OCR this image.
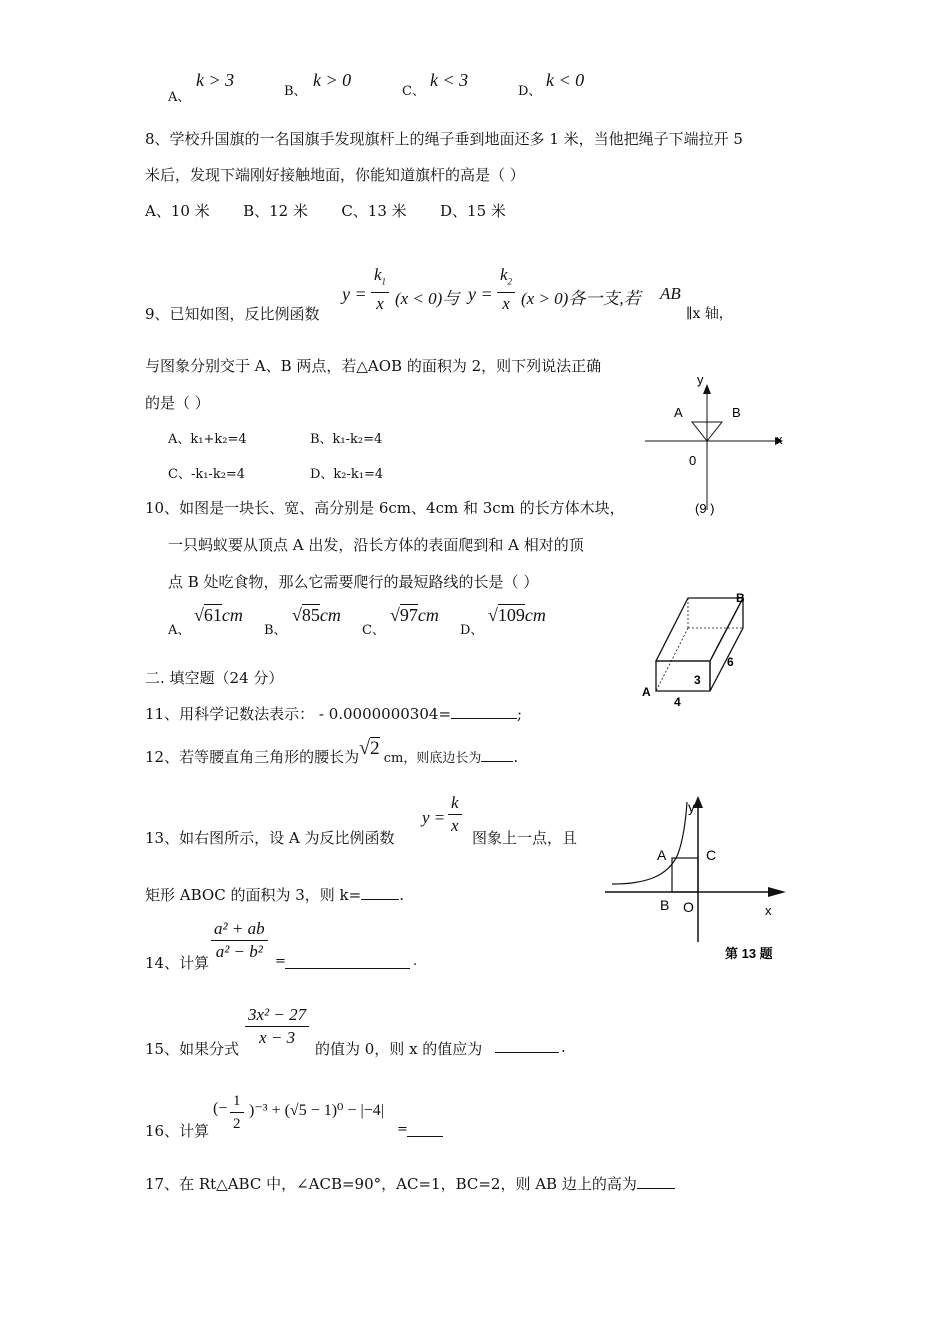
A、
k > 3
B、
k > 0
C、
k < 3
D、
k < 0
8、学校升国旗的一名国旗手发现旗杆上的绳子垂到地面还多 1 米，当他把绳子下端拉开 5
米后，发现下端刚好接触地面，你能知道旗杆的高是（ ）
A、10 米       B、12 米       C、13 米       D、15 米
9、已知如图，反比例函数
$y = \frac{k_1}{x} (x < 0)$与 $y = \frac{k_2}{x} (x > 0)$各一支,若 AB
∥x 轴，
与图象分别交于 A、B 两点，若△AOB 的面积为 2，则下列说法正确
的是（ ）
A、k₁+k₂=4	B、k₁-k₂=4
C、-k₁-k₂=4	D、k₂-k₁=4
y
x
A	B
0
(9 )
10、如图是一块长、宽、高分别是 6cm、4cm 和 3cm 的长方体木块，
一只蚂蚁要从顶点 A 出发，沿长方体的表面爬到和 A 相对的顶
点 B 处吃食物，那么它需要爬行的最短路线的长是（ ）
A、
√61cm
B、
√85cm
C、
√97cm
D、
√109cm
B
A
6
3
4
二. 填空题（24 分）
11、用科学记数法表示： - 0.0000000304=	;
12、若等腰直角三角形的腰长为√2 cm，则底边长为 .
13、如右图所示，设 A 为反比例函数
$y = \frac{k}{x}$
图象上一点，且
矩形 ABOC 的面积为 3，则 k=	.
y
x
A	C
B O
第 13 题
14、计算 $\frac{\text{a² + ab}}{\text{a² − b²}}$ =	.
15、如果分式 $\frac{\text{3x² − 27}}{x - 3}$ 的值为 0，则 x 的值应为	.
16、计算
(− $\frac{1}{2} )^{-3} + (√5 - 1)^0 - |-4|$
=
17、在 Rt△ABC 中，∠ACB=90°，AC=1，BC=2，则 AB 边上的高为
